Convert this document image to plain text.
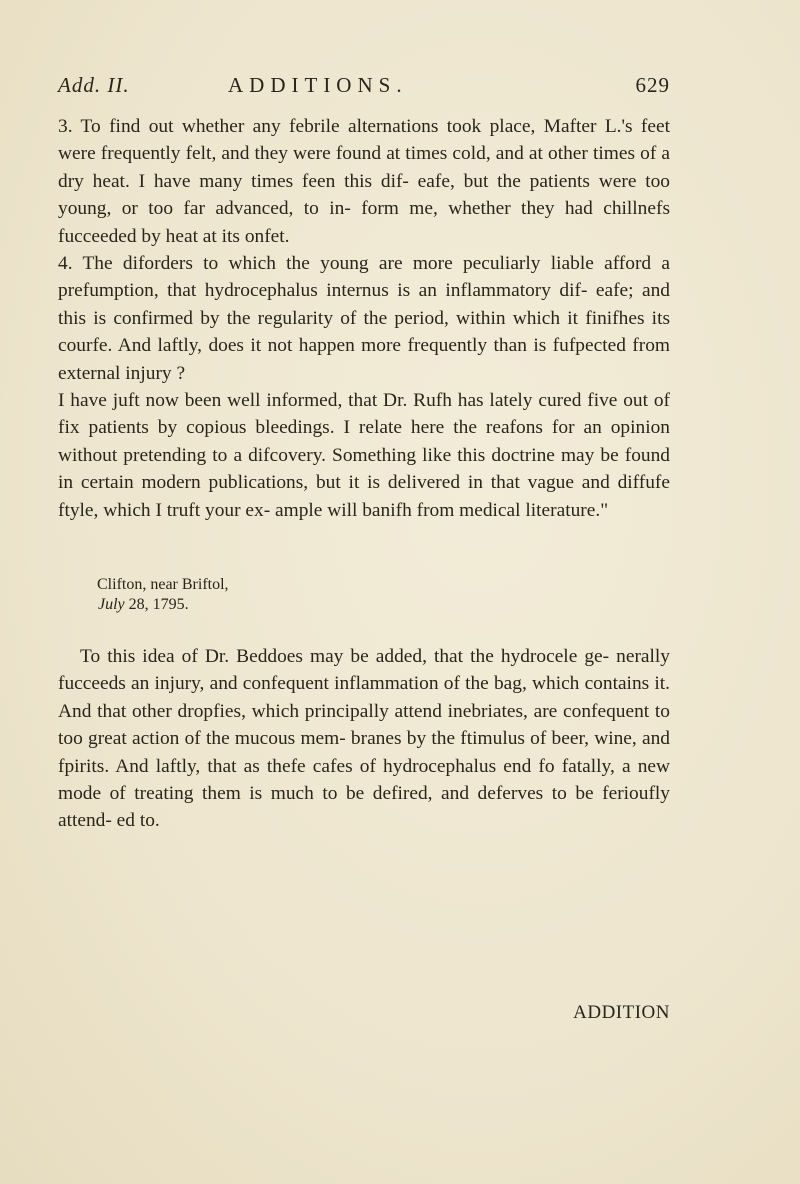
Add. II.	ADDITIONS.	629

3. To find out whether any febrile alternations took place, Mafter L.'s feet were frequently felt, and they were found at times cold, and at other times of a dry heat. I have many times feen this dif- eafe, but the patients were too young, or too far advanced, to in- form me, whether they had chillnefs fucceeded by heat at its onfet.

4. The diforders to which the young are more peculiarly liable afford a prefumption, that hydrocephalus internus is an inflammatory dif- eafe; and this is confirmed by the regularity of the period, within which it finifhes its courfe. And laftly, does it not happen more frequently than is fufpected from external injury ?

I have juft now been well informed, that Dr. Rufh has lately cured five out of fix patients by copious bleedings. I relate here the reafons for an opinion without pretending to a difcovery. Something like this doctrine may be found in certain modern publications, but it is delivered in that vague and diffufe ftyle, which I truft your ex- ample will banifh from medical literature."

Clifton, near Briftol,
July 28, 1795.

To this idea of Dr. Beddoes may be added, that the hydrocele ge- nerally fucceeds an injury, and confequent inflammation of the bag, which contains it. And that other dropfies, which principally attend inebriates, are confequent to too great action of the mucous mem- branes by the ftimulus of beer, wine, and fpirits. And laftly, that as thefe cafes of hydrocephalus end fo fatally, a new mode of treating them is much to be defired, and deferves to be ferioufly attend- ed to.

ADDITION
